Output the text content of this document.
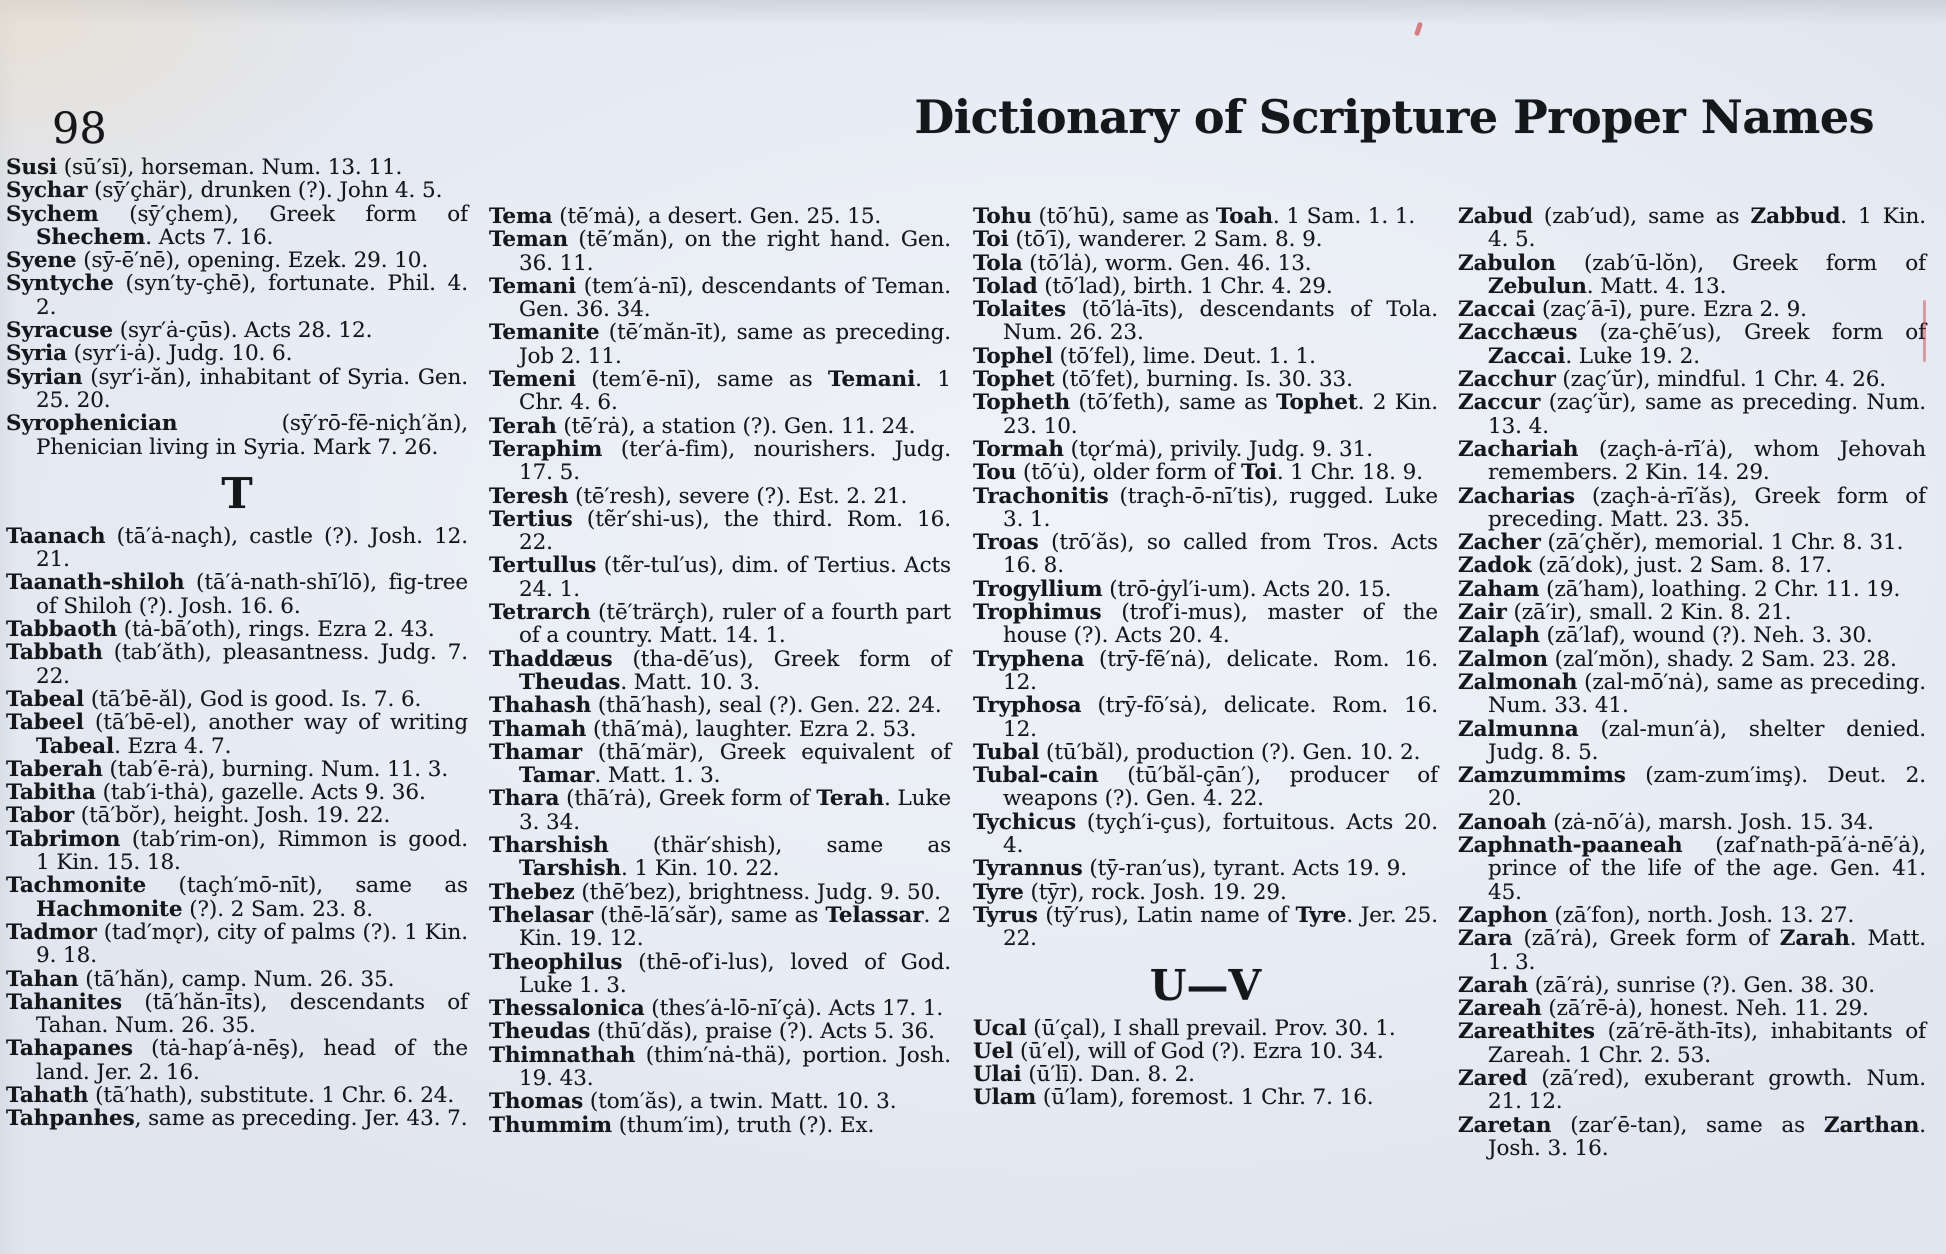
98	Dictionary of Scripture Proper Names

Susi (sū′sī), horseman. Num. 13. 11.

Sychar (sȳ′çhär), drunken (?). John 4. 5.

Sychem (sȳ′çhem), Greek form of Shechem. Acts 7. 16.

Syene (sȳ-ē′nē), opening. Ezek. 29. 10.

Syntyche (syn′ty-çhē), fortunate. Phil. 4. 2.

Syracuse (syr′ȧ-çūs). Acts 28. 12.

Syria (syr′i-ȧ). Judg. 10. 6.

Syrian (syr′i-ăn), inhabitant of Syria. Gen. 25. 20.

Syrophenician (sȳ′rō-fē-niçh′ăn), Phenician living in Syria. Mark 7. 26.

T

Taanach (tā′ȧ-naçh), castle (?). Josh. 12. 21.

Taanath-shiloh (tā′ȧ-nath-shī′lō), fig-tree of Shiloh (?). Josh. 16. 6.

Tabbaoth (tȧ-bā′oth), rings. Ezra 2. 43.

Tabbath (tab′ăth), pleasantness. Judg. 7. 22.

Tabeal (tā′bē-ăl), God is good. Is. 7. 6.

Tabeel (tā′bē-el), another way of writing Tabeal. Ezra 4. 7.

Taberah (tab′ē-rȧ), burning. Num. 11. 3.

Tabitha (tab′i-thȧ), gazelle. Acts 9. 36.

Tabor (tā′bŏr), height. Josh. 19. 22.

Tabrimon (tab′rim-on), Rimmon is good. 1 Kin. 15. 18.

Tachmonite (taçh′mō-nīt), same as Hachmonite (?). 2 Sam. 23. 8.

Tadmor (tad′mǫr), city of palms (?). 1 Kin. 9. 18.

Tahan (tā′hăn), camp. Num. 26. 35.

Tahanites (tā′hăn-īts), descendants of Tahan. Num. 26. 35.

Tahapanes (tȧ-hap′ȧ-nēş), head of the land. Jer. 2. 16.

Tahath (tā′hath), substitute. 1 Chr. 6. 24.

Tahpanhes, same as preceding. Jer. 43. 7.

Tema (tē′mȧ), a desert. Gen. 25. 15.

Teman (tē′măn), on the right hand. Gen. 36. 11.

Temani (tem′ȧ-nī), descendants of Teman. Gen. 36. 34.

Temanite (tē′măn-īt), same as preceding. Job 2. 11.

Temeni (tem′ē-nī), same as Temani. 1 Chr. 4. 6.

Terah (tē′rȧ), a station (?). Gen. 11. 24.

Teraphim (ter′ȧ-fim), nourishers. Judg. 17. 5.

Teresh (tē′resh), severe (?). Est. 2. 21.

Tertius (tẽr′shi-us), the third. Rom. 16. 22.

Tertullus (tẽr-tul′us), dim. of Tertius. Acts 24. 1.

Tetrarch (tē′trärçh), ruler of a fourth part of a country. Matt. 14. 1.

Thaddæus (tha-dē′us), Greek form of Theudas. Matt. 10. 3.

Thahash (thā′hash), seal (?). Gen. 22. 24.

Thamah (thā′mȧ), laughter. Ezra 2. 53.

Thamar (thā′mär), Greek equivalent of Tamar. Matt. 1. 3.

Thara (thā′rȧ), Greek form of Terah. Luke 3. 34.

Tharshish (thär′shish), same as Tarshish. 1 Kin. 10. 22.

Thebez (thē′bez), brightness. Judg. 9. 50.

Thelasar (thē-lā′săr), same as Telassar. 2 Kin. 19. 12.

Theophilus (thē-of′i-lus), loved of God. Luke 1. 3.

Thessalonica (thes′ȧ-lō-nī′çȧ). Acts 17. 1.

Theudas (thū′dăs), praise (?). Acts 5. 36.

Thimnathah (thim′nȧ-thä), portion. Josh. 19. 43.

Thomas (tom′ăs), a twin. Matt. 10. 3.

Thummim (thum′im), truth (?). Ex.

Tohu (tō′hū), same as Toah. 1 Sam. 1. 1.

Toi (tō′ī), wanderer. 2 Sam. 8. 9.

Tola (tō′lȧ), worm. Gen. 46. 13.

Tolad (tō′lad), birth. 1 Chr. 4. 29.

Tolaites (tō′lȧ-īts), descendants of Tola. Num. 26. 23.

Tophel (tō′fel), lime. Deut. 1. 1.

Tophet (tō′fet), burning. Is. 30. 33.

Topheth (tō′feth), same as Tophet. 2 Kin. 23. 10.

Tormah (tǫr′mȧ), privily. Judg. 9. 31.

Tou (tō′u̇), older form of Toi. 1 Chr. 18. 9.

Trachonitis (traçh-ō-nī′tis), rugged. Luke 3. 1.

Troas (trō′ăs), so called from Tros. Acts 16. 8.

Trogyllium (trō-ġyl′i-um). Acts 20. 15.

Trophimus (trof′i-mus), master of the house (?). Acts 20. 4.

Tryphena (trȳ-fē′nȧ), delicate. Rom. 16. 12.

Tryphosa (trȳ-fō′sȧ), delicate. Rom. 16. 12.

Tubal (tū′băl), production (?). Gen. 10. 2.

Tubal-cain (tū′băl-çān′), producer of weapons (?). Gen. 4. 22.

Tychicus (tyçh′i-çus), fortuitous. Acts 20. 4.

Tyrannus (tȳ-ran′us), tyrant. Acts 19. 9.

Tyre (tȳr), rock. Josh. 19. 29.

Tyrus (tȳ′rus), Latin name of Tyre. Jer. 25. 22.

U—V

Ucal (ū′çal), I shall prevail. Prov. 30. 1.

Uel (ū′el), will of God (?). Ezra 10. 34.

Ulai (ū′lī). Dan. 8. 2.

Ulam (ū′lam), foremost. 1 Chr. 7. 16.

Zabud (zab′ud), same as Zabbud. 1 Kin. 4. 5.

Zabulon (zab′ū-lŏn), Greek form of Zebulun. Matt. 4. 13.

Zaccai (zaç′ā-ī), pure. Ezra 2. 9.

Zacchæus (za-çhē′us), Greek form of Zaccai. Luke 19. 2.

Zacchur (zaç′ŭr), mindful. 1 Chr. 4. 26.

Zaccur (zaç′ŭr), same as preceding. Num. 13. 4.

Zachariah (zaçh-ȧ-rī′ȧ), whom Jehovah remembers. 2 Kin. 14. 29.

Zacharias (zaçh-ȧ-rī′ăs), Greek form of preceding. Matt. 23. 35.

Zacher (zā′çhĕr), memorial. 1 Chr. 8. 31.

Zadok (zā′dok), just. 2 Sam. 8. 17.

Zaham (zā′ham), loathing. 2 Chr. 11. 19.

Zair (zā′ir), small. 2 Kin. 8. 21.

Zalaph (zā′laf), wound (?). Neh. 3. 30.

Zalmon (zal′mŏn), shady. 2 Sam. 23. 28.

Zalmonah (zal-mō′nȧ), same as preceding. Num. 33. 41.

Zalmunna (zal-mun′ȧ), shelter denied. Judg. 8. 5.

Zamzummims (zam-zum′imş). Deut. 2. 20.

Zanoah (zȧ-nō′ȧ), marsh. Josh. 15. 34.

Zaphnath-paaneah (zaf′nath-pā′ȧ-nē′ȧ), prince of the life of the age. Gen. 41. 45.

Zaphon (zā′fon), north. Josh. 13. 27.

Zara (zā′rȧ), Greek form of Zarah. Matt. 1. 3.

Zarah (zā′rȧ), sunrise (?). Gen. 38. 30.

Zareah (zā′rē-ȧ), honest. Neh. 11. 29.

Zareathites (zā′rē-ăth-īts), inhabitants of Zareah. 1 Chr. 2. 53.

Zared (zā′red), exuberant growth. Num. 21. 12.

Zaretan (zar′ē-tan), same as Zarthan. Josh. 3. 16.
